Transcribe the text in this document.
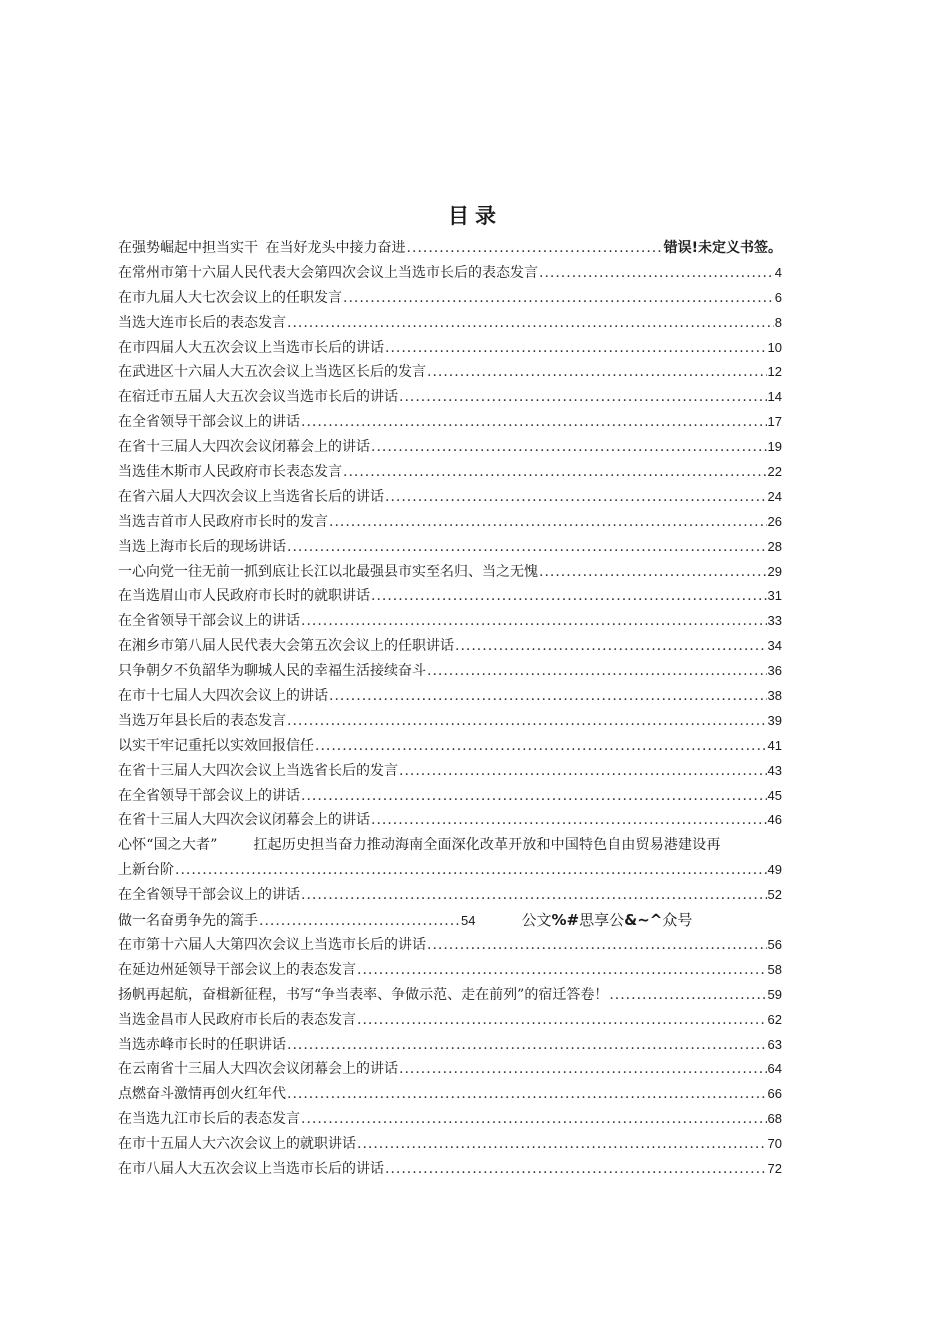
目录
在强势崛起中担当实干 在当好龙头中接力奋进 .....	错误!未定义书签。
在常州市第十六届人民代表大会第四次会议上当选市长后的表态发言 .....	4
在市九届人大七次会议上的任职发言 .....	6
当选大连市长后的表态发言 .....	8
在市四届人大五次会议上当选市长后的讲话 .....	10
在武进区十六届人大五次会议上当选区长后的发言 .....	12
在宿迁市五届人大五次会议当选市长后的讲话 .....	14
在全省领导干部会议上的讲话 .....	17
在省十三届人大四次会议闭幕会上的讲话 .....	19
当选佳木斯市人民政府市长表态发言 .....	22
在省六届人大四次会议上当选省长后的讲话 .....	24
当选吉首市人民政府市长时的发言 .....	26
当选上海市长后的现场讲话 .....	28
一心向党一往无前一抓到底让长江以北最强县市实至名归、当之无愧 .....	29
在当选眉山市人民政府市长时的就职讲话 .....	31
在全省领导干部会议上的讲话 .....	33
在湘乡市第八届人民代表大会第五次会议上的任职讲话 .....	34
只争朝夕不负韶华为聊城人民的幸福生活接续奋斗 .....	36
在市十七届人大四次会议上的讲话 .....	38
当选万年县长后的表态发言 .....	39
以实干牢记重托以实效回报信任 .....	41
在省十三届人大四次会议上当选省长后的发言 .....	43
在全省领导干部会议上的讲话 .....	45
在省十三届人大四次会议闭幕会上的讲话 .....	46
心怀“国之大者”	扛起历史担当奋力推动海南全面深化改革开放和中国特色自由贸易港建设再
上新台阶 .....	49
在全省领导干部会议上的讲话 .....	52
做一名奋勇争先的篙手 .....	54	公文%#思享公&~^众号
在市第十六届人大第四次会议上当选市长后的讲话 .....	56
在延边州延领导干部会议上的表态发言 .....	58
扬帆再起航，奋楫新征程，书写“争当表率、争做示范、走在前列”的宿迁答卷！ .....	59
当选金昌市人民政府市长后的表态发言 .....	62
当选赤峰市长时的任职讲话 .....	63
在云南省十三届人大四次会议闭幕会上的讲话 .....	64
点燃奋斗激情再创火红年代 .....	66
在当选九江市长后的表态发言 .....	68
在市十五届人大六次会议上的就职讲话 .....	70
在市八届人大五次会议上当选市长后的讲话 .....	72
